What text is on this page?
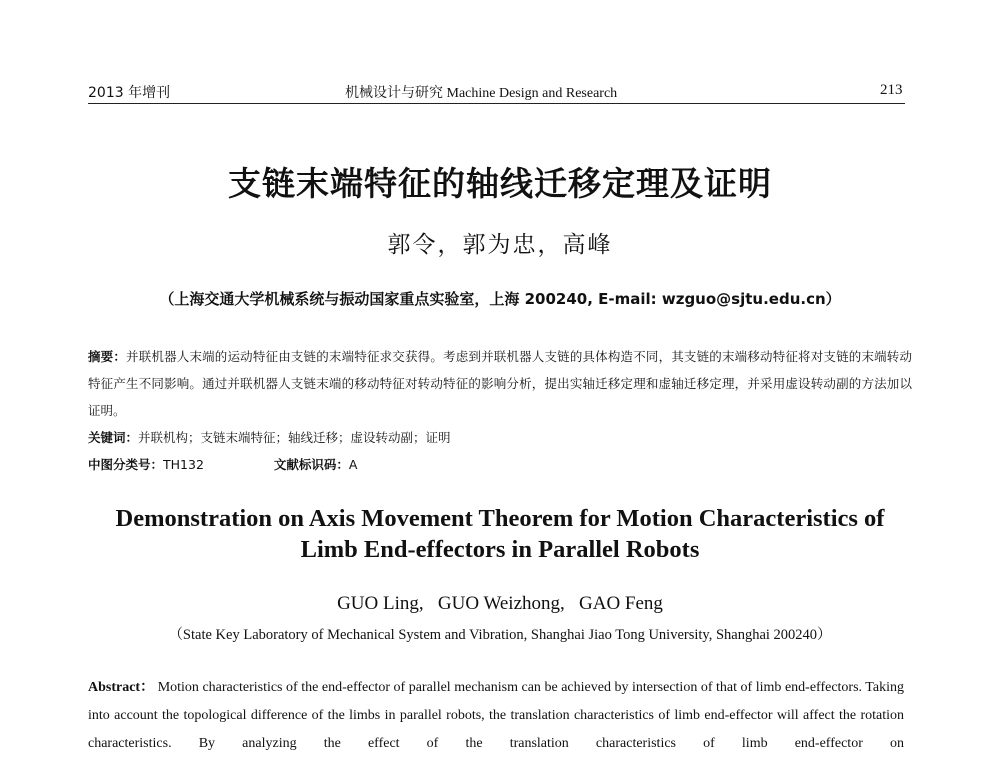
2013 年增刊	机械设计与研究 Machine Design and Research	213
支链末端特征的轴线迁移定理及证明
郭令，郭为忠，高峰
（上海交通大学机械系统与振动国家重点实验室，上海 200240, E-mail: wzguo@sjtu.edu.cn）
摘要：并联机器人末端的运动特征由支链的末端特征求交获得。考虑到并联机器人支链的具体构造不同，其支链的末端移动特征将对支链的末端转动特征产生不同影响。通过并联机器人支链末端的移动特征对转动特征的影响分析，提出实轴迁移定理和虚轴迁移定理，并采用虚设转动副的方法加以证明。
关键词：并联机构；支链末端特征；轴线迁移；虚设转动副；证明
中图分类号：TH132	文献标识码：A
Demonstration on Axis Movement Theorem for Motion Characteristics of
Limb End-effectors in Parallel Robots
GUO Ling,   GUO Weizhong,   GAO Feng
（State Key Laboratory of Mechanical System and Vibration, Shanghai Jiao Tong University, Shanghai 200240）
Abstract： Motion characteristics of the end-effector of parallel mechanism can be achieved by intersection of that of limb end-effectors. Taking into account the topological difference of the limbs in parallel robots, the translation characteristics of limb end-effector will affect the rotation characteristics. By analyzing the effect of the translation characteristics of limb end-effector on
